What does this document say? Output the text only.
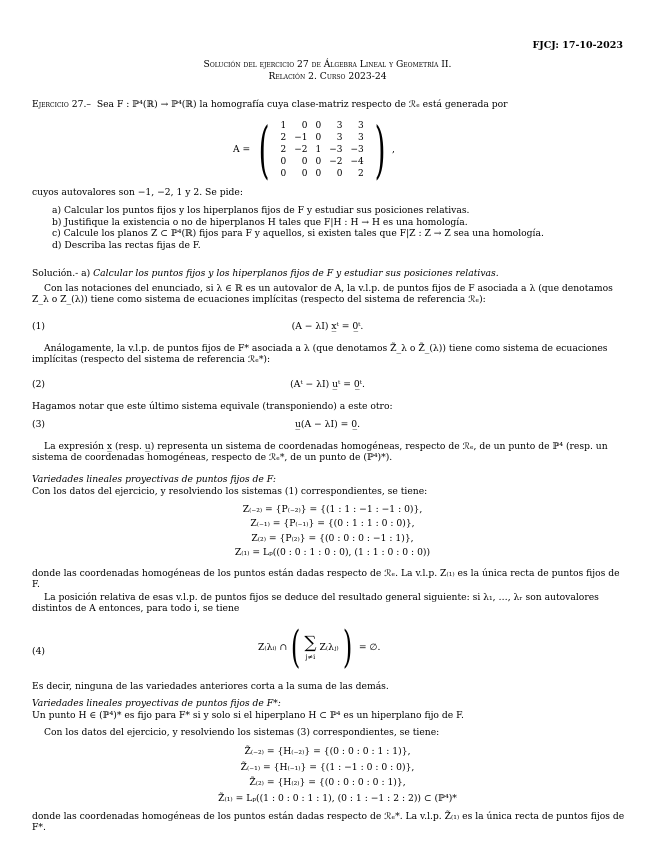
FJCJ: 17-10-2023
Solución del ejercicio 27 de Álgebra Lineal y Geometría II.
Relación 2. Curso 2023-24
Ejercicio 27.– Sea F : ℙ⁴(ℝ) → ℙ⁴(ℝ) la homografía cuya clase-matriz respecto de ℛₑ está generada por
A = ( 1	0	0	3	3
2	−1	0	3	3
2	−2	1	−3	−3
0	0	0	−2	−4
0	0	0	0	2 ) ,
cuyos autovalores son −1, −2, 1 y 2. Se pide:
a) Calcular los puntos fijos y los hiperplanos fijos de F y estudiar sus posiciones relativas.
b) Justifique la existencia o no de hiperplanos H tales que F|H : H → H es una homología.
c) Calcule los planos Z ⊂ ℙ⁴(ℝ) fijos para F y aquellos, si existen tales que F|Z : Z → Z sea una homología.
d) Describa las rectas fijas de F.
Solución.- a) Calcular los puntos fijos y los hiperplanos fijos de F y estudiar sus posiciones relativas.
Con las notaciones del enunciado, si λ ∈ ℝ es un autovalor de A, la v.l.p. de puntos fijos de F asociada a λ (que denotamos Z_λ o Z_(λ)) tiene como sistema de ecuaciones implícitas (respecto del sistema de referencia ℛₑ):
(1)	(A − λI) x̲ᵗ = 0̲ᵗ.
Análogamente, la v.l.p. de puntos fijos de F* asociada a λ (que denotamos Z̃_λ o Z̃_(λ)) tiene como sistema de ecuaciones implícitas (respecto del sistema de referencia ℛₑ*):
(2)	(Aᵗ − λI) u̲ᵗ = 0̲ᵗ.
Hagamos notar que este último sistema equivale (transponiendo) a este otro:
(3)	u̲(A − λI) = 0̲.
La expresión x̲ (resp. u̲) representa un sistema de coordenadas homogéneas, respecto de ℛₑ, de un punto de ℙ⁴ (resp. un sistema de coordenadas homogéneas, respecto de ℛₑ*, de un punto de (ℙ⁴)*).
Variedades lineales proyectivas de puntos fijos de F:
Con los datos del ejercicio, y resolviendo los sistemas (1) correspondientes, se tiene:
Z₍₋₂₎ = {P₍₋₂₎} = {(1 : 1 : −1 : −1 : 0)},
Z₍₋₁₎ = {P₍₋₁₎} = {(0 : 1 : 1 : 0 : 0)},
Z₍₂₎ = {P₍₂₎} = {(0 : 0 : 0 : −1 : 1)},
Z₍₁₎ = Lₚ((0 : 0 : 1 : 0 : 0), (1 : 1 : 0 : 0 : 0))
donde las coordenadas homogéneas de los puntos están dadas respecto de ℛₑ. La v.l.p. Z₍₁₎ es la única recta de puntos fijos de F.
La posición relativa de esas v.l.p. de puntos fijos se deduce del resultado general siguiente: si λ₁, …, λᵣ son autovalores distintos de A entonces, para todo i, se tiene
(4)	Z₍λᵢ₎ ∩ ( ∑
j≠i
Z₍λⱼ₎ ) = ∅.
Es decir, ninguna de las variedades anteriores corta a la suma de las demás.
Variedades lineales proyectivas de puntos fijos de F*:
Un punto H ∈ (ℙ⁴)* es fijo para F* si y solo si el hiperplano H ⊂ ℙ⁴ es un hiperplano fijo de F.
Con los datos del ejercicio, y resolviendo los sistemas (3) correspondientes, se tiene:
Z̃₍₋₂₎ = {H₍₋₂₎} = {(0 : 0 : 0 : 1 : 1)},
Z̃₍₋₁₎ = {H₍₋₁₎} = {(1 : −1 : 0 : 0 : 0)},
Z̃₍₂₎ = {H₍₂₎} = {(0 : 0 : 0 : 0 : 1)},
Z̃₍₁₎ = Lₚ((1 : 0 : 0 : 1 : 1), (0 : 1 : −1 : 2 : 2)) ⊂ (ℙ⁴)*
donde las coordenadas homogéneas de los puntos están dadas respecto de ℛₑ*. La v.l.p. Z̃₍₁₎ es la única recta de puntos fijos de F*.
